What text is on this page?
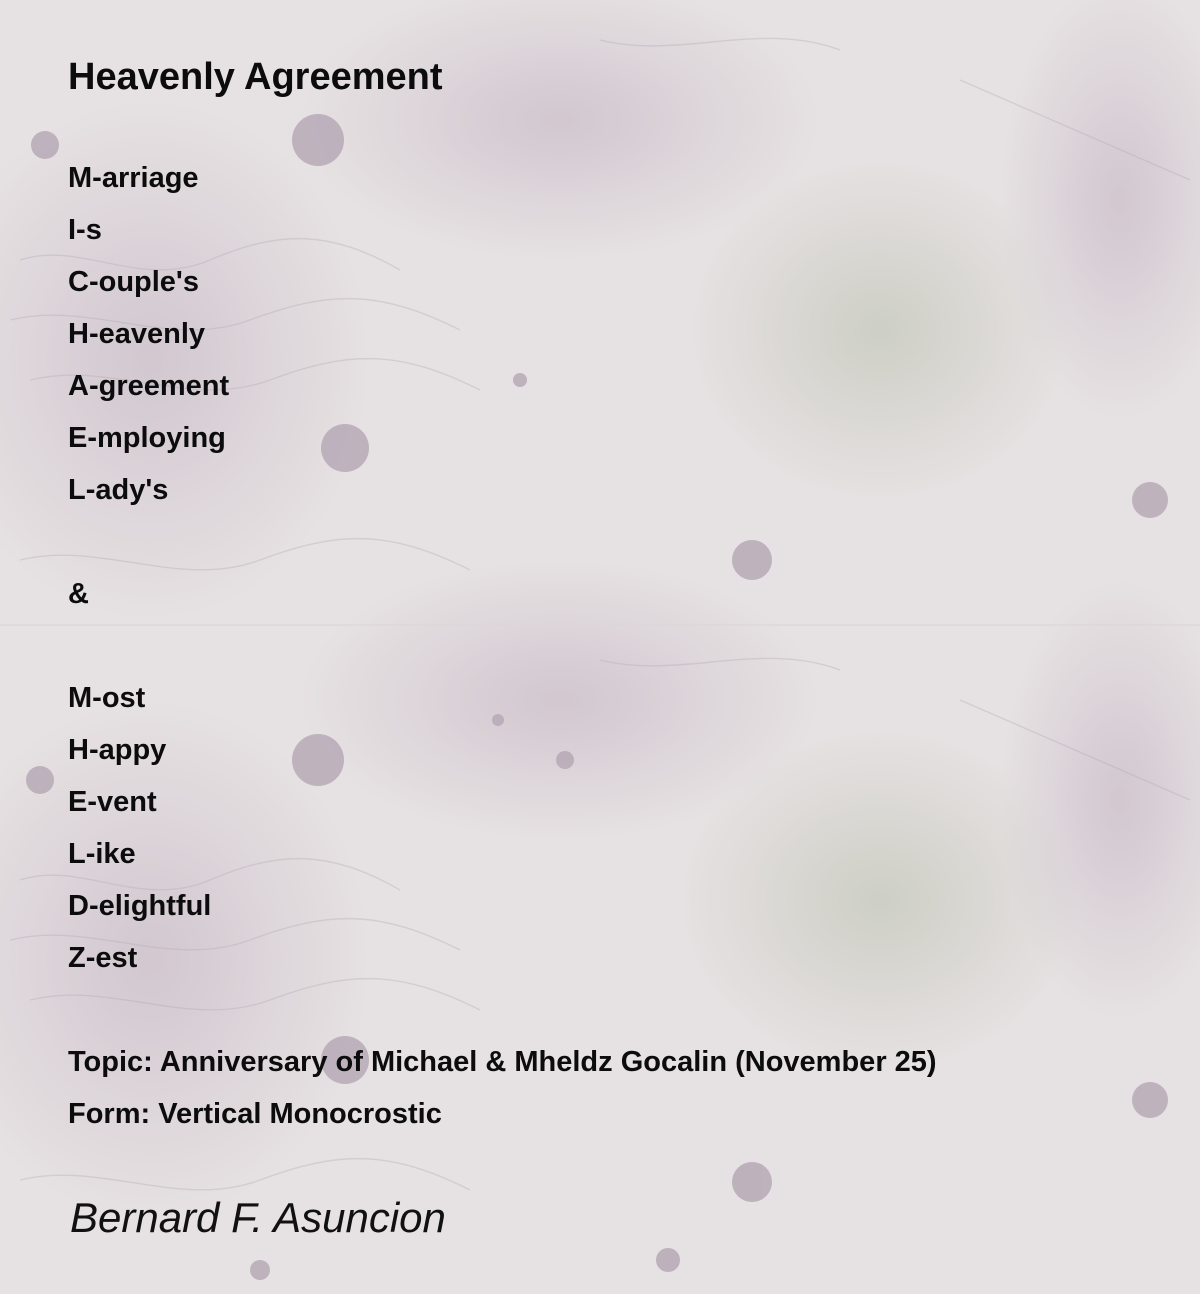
Heavenly Agreement
M-arriage
I-s
C-ouple's
H-eavenly
A-greement
E-mploying
L-ady's
&
M-ost
H-appy
E-vent
L-ike
D-elightful
Z-est
Topic: Anniversary of Michael & Mheldz Gocalin (November 25)
Form: Vertical Monocrostic
Bernard F. Asuncion
